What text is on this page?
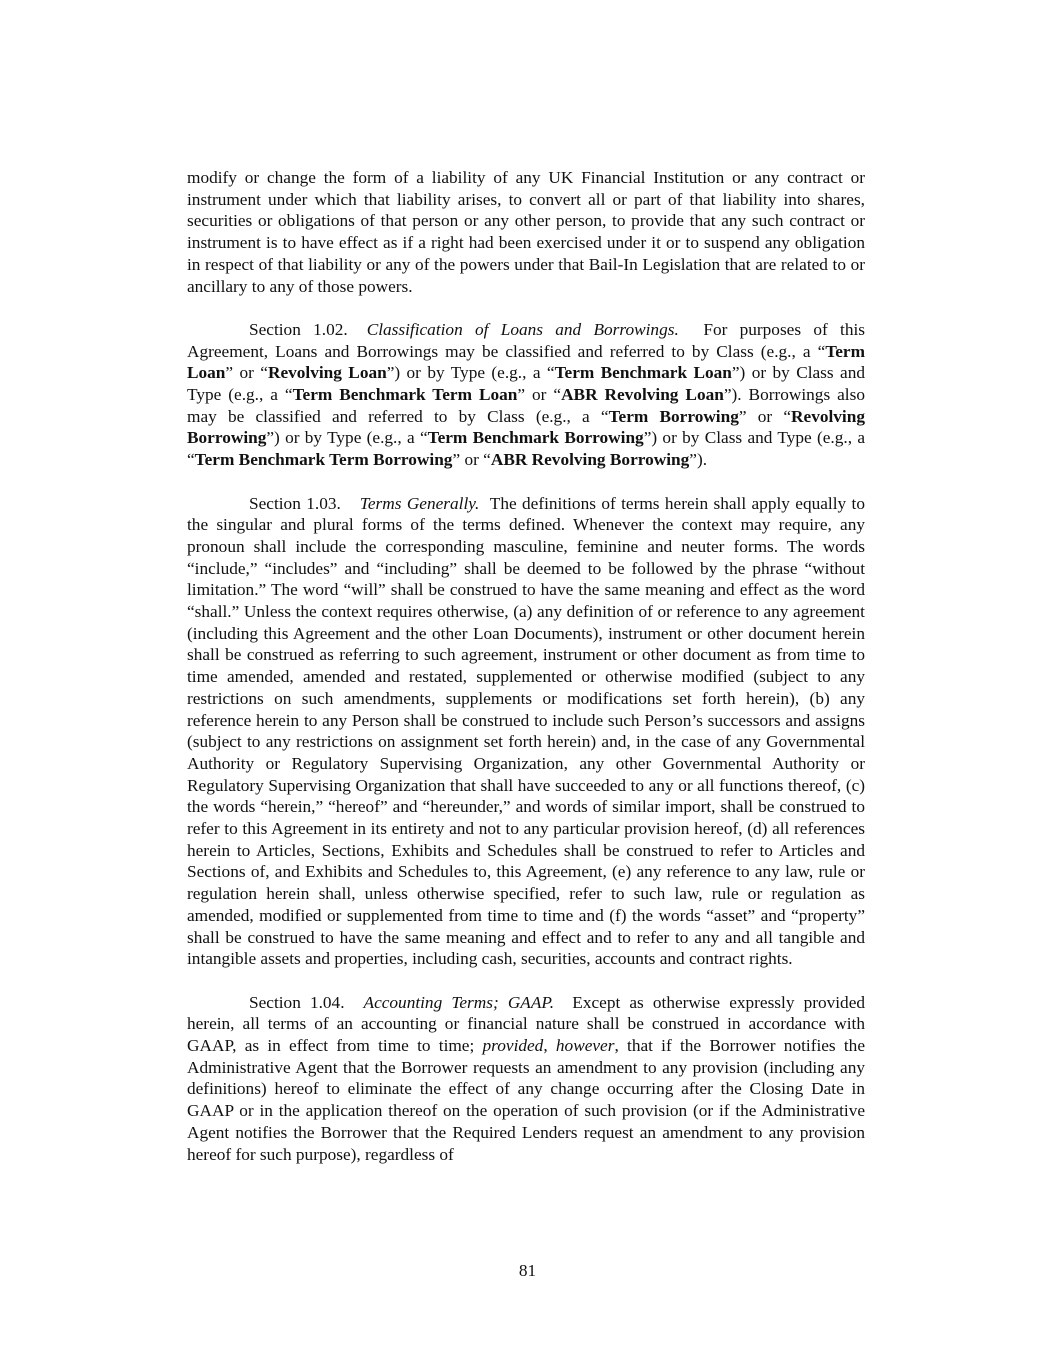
modify or change the form of a liability of any UK Financial Institution or any contract or instrument under which that liability arises, to convert all or part of that liability into shares, securities or obligations of that person or any other person, to provide that any such contract or instrument is to have effect as if a right had been exercised under it or to suspend any obligation in respect of that liability or any of the powers under that Bail-In Legislation that are related to or ancillary to any of those powers.

Section 1.02. Classification of Loans and Borrowings. For purposes of this Agreement, Loans and Borrowings may be classified and referred to by Class (e.g., a “Term Loan” or “Revolving Loan”) or by Type (e.g., a “Term Benchmark Loan”) or by Class and Type (e.g., a “Term Benchmark Term Loan” or “ABR Revolving Loan”). Borrowings also may be classified and referred to by Class (e.g., a “Term Borrowing” or “Revolving Borrowing”) or by Type (e.g., a “Term Benchmark Borrowing”) or by Class and Type (e.g., a “Term Benchmark Term Borrowing” or “ABR Revolving Borrowing”).

Section 1.03. Terms Generally. The definitions of terms herein shall apply equally to the singular and plural forms of the terms defined. Whenever the context may require, any pronoun shall include the corresponding masculine, feminine and neuter forms. The words “include,” “includes” and “including” shall be deemed to be followed by the phrase “without limitation.” The word “will” shall be construed to have the same meaning and effect as the word “shall.” Unless the context requires otherwise, (a) any definition of or reference to any agreement (including this Agreement and the other Loan Documents), instrument or other document herein shall be construed as referring to such agreement, instrument or other document as from time to time amended, amended and restated, supplemented or otherwise modified (subject to any restrictions on such amendments, supplements or modifications set forth herein), (b) any reference herein to any Person shall be construed to include such Person’s successors and assigns (subject to any restrictions on assignment set forth herein) and, in the case of any Governmental Authority or Regulatory Supervising Organization, any other Governmental Authority or Regulatory Supervising Organization that shall have succeeded to any or all functions thereof, (c) the words “herein,” “hereof” and “hereunder,” and words of similar import, shall be construed to refer to this Agreement in its entirety and not to any particular provision hereof, (d) all references herein to Articles, Sections, Exhibits and Schedules shall be construed to refer to Articles and Sections of, and Exhibits and Schedules to, this Agreement, (e) any reference to any law, rule or regulation herein shall, unless otherwise specified, refer to such law, rule or regulation as amended, modified or supplemented from time to time and (f) the words “asset” and “property” shall be construed to have the same meaning and effect and to refer to any and all tangible and intangible assets and properties, including cash, securities, accounts and contract rights.

Section 1.04. Accounting Terms; GAAP. Except as otherwise expressly provided herein, all terms of an accounting or financial nature shall be construed in accordance with GAAP, as in effect from time to time; provided, however, that if the Borrower notifies the Administrative Agent that the Borrower requests an amendment to any provision (including any definitions) hereof to eliminate the effect of any change occurring after the Closing Date in GAAP or in the application thereof on the operation of such provision (or if the Administrative Agent notifies the Borrower that the Required Lenders request an amendment to any provision hereof for such purpose), regardless of

81
